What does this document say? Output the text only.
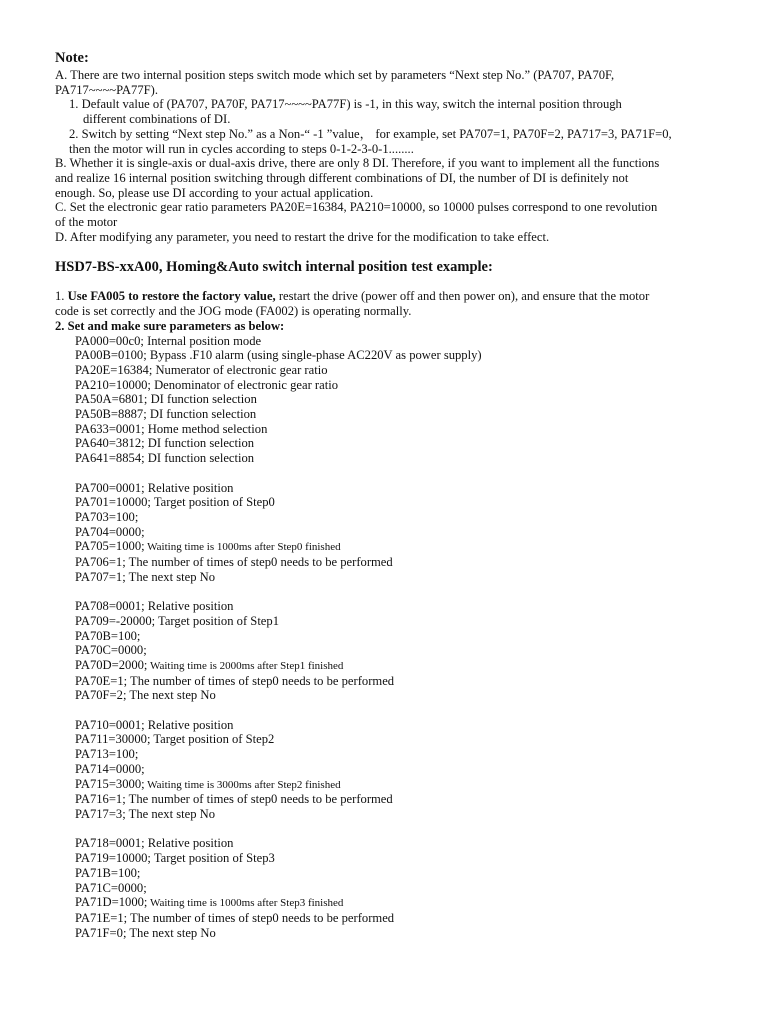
Note:

A. There are two internal position steps switch mode which set by parameters “Next step No.” (PA707, PA70F,

PA717~~~~PA77F).

1. Default value of (PA707, PA70F, PA717~~~~PA77F) is -1, in this way, switch the internal position through

different combinations of DI.

2. Switch by setting “Next step No.” as a Non-“ -1 ”value， for example, set PA707=1, PA70F=2, PA717=3, PA71F=0,

then the motor will run in cycles according to steps 0-1-2-3-0-1........

B. Whether it is single-axis or dual-axis drive, there are only 8 DI. Therefore, if you want to implement all the functions

and realize 16 internal position switching through different combinations of DI, the number of DI is definitely not

enough. So, please use DI according to your actual application.

C. Set the electronic gear ratio parameters PA20E=16384, PA210=10000, so 10000 pulses correspond to one revolution

of the motor

D. After modifying any parameter, you need to restart the drive for the modification to take effect.

HSD7-BS-xxA00, Homing&Auto switch internal position test example:

1. Use FA005 to restore the factory value, restart the drive (power off and then power on), and ensure that the motor

code is set correctly and the JOG mode (FA002) is operating normally.

2. Set and make sure parameters as below:

PA000=00c0; Internal position mode

PA00B=0100; Bypass .F10 alarm (using single-phase AC220V as power supply)

PA20E=16384; Numerator of electronic gear ratio

PA210=10000; Denominator of electronic gear ratio

PA50A=6801; DI function selection

PA50B=8887; DI function selection

PA633=0001; Home method selection

PA640=3812; DI function selection

PA641=8854; DI function selection

PA700=0001; Relative position

PA701=10000; Target position of Step0

PA703=100;

PA704=0000;

PA705=1000; Waiting time is 1000ms after Step0 finished

PA706=1; The number of times of step0 needs to be performed

PA707=1; The next step No

PA708=0001; Relative position

PA709=-20000; Target position of Step1

PA70B=100;

PA70C=0000;

PA70D=2000; Waiting time is 2000ms after Step1 finished

PA70E=1; The number of times of step0 needs to be performed

PA70F=2; The next step No

PA710=0001; Relative position

PA711=30000; Target position of Step2

PA713=100;

PA714=0000;

PA715=3000; Waiting time is 3000ms after Step2 finished

PA716=1; The number of times of step0 needs to be performed

PA717=3; The next step No

PA718=0001; Relative position

PA719=10000; Target position of Step3

PA71B=100;

PA71C=0000;

PA71D=1000; Waiting time is 1000ms after Step3 finished

PA71E=1; The number of times of step0 needs to be performed

PA71F=0; The next step No
